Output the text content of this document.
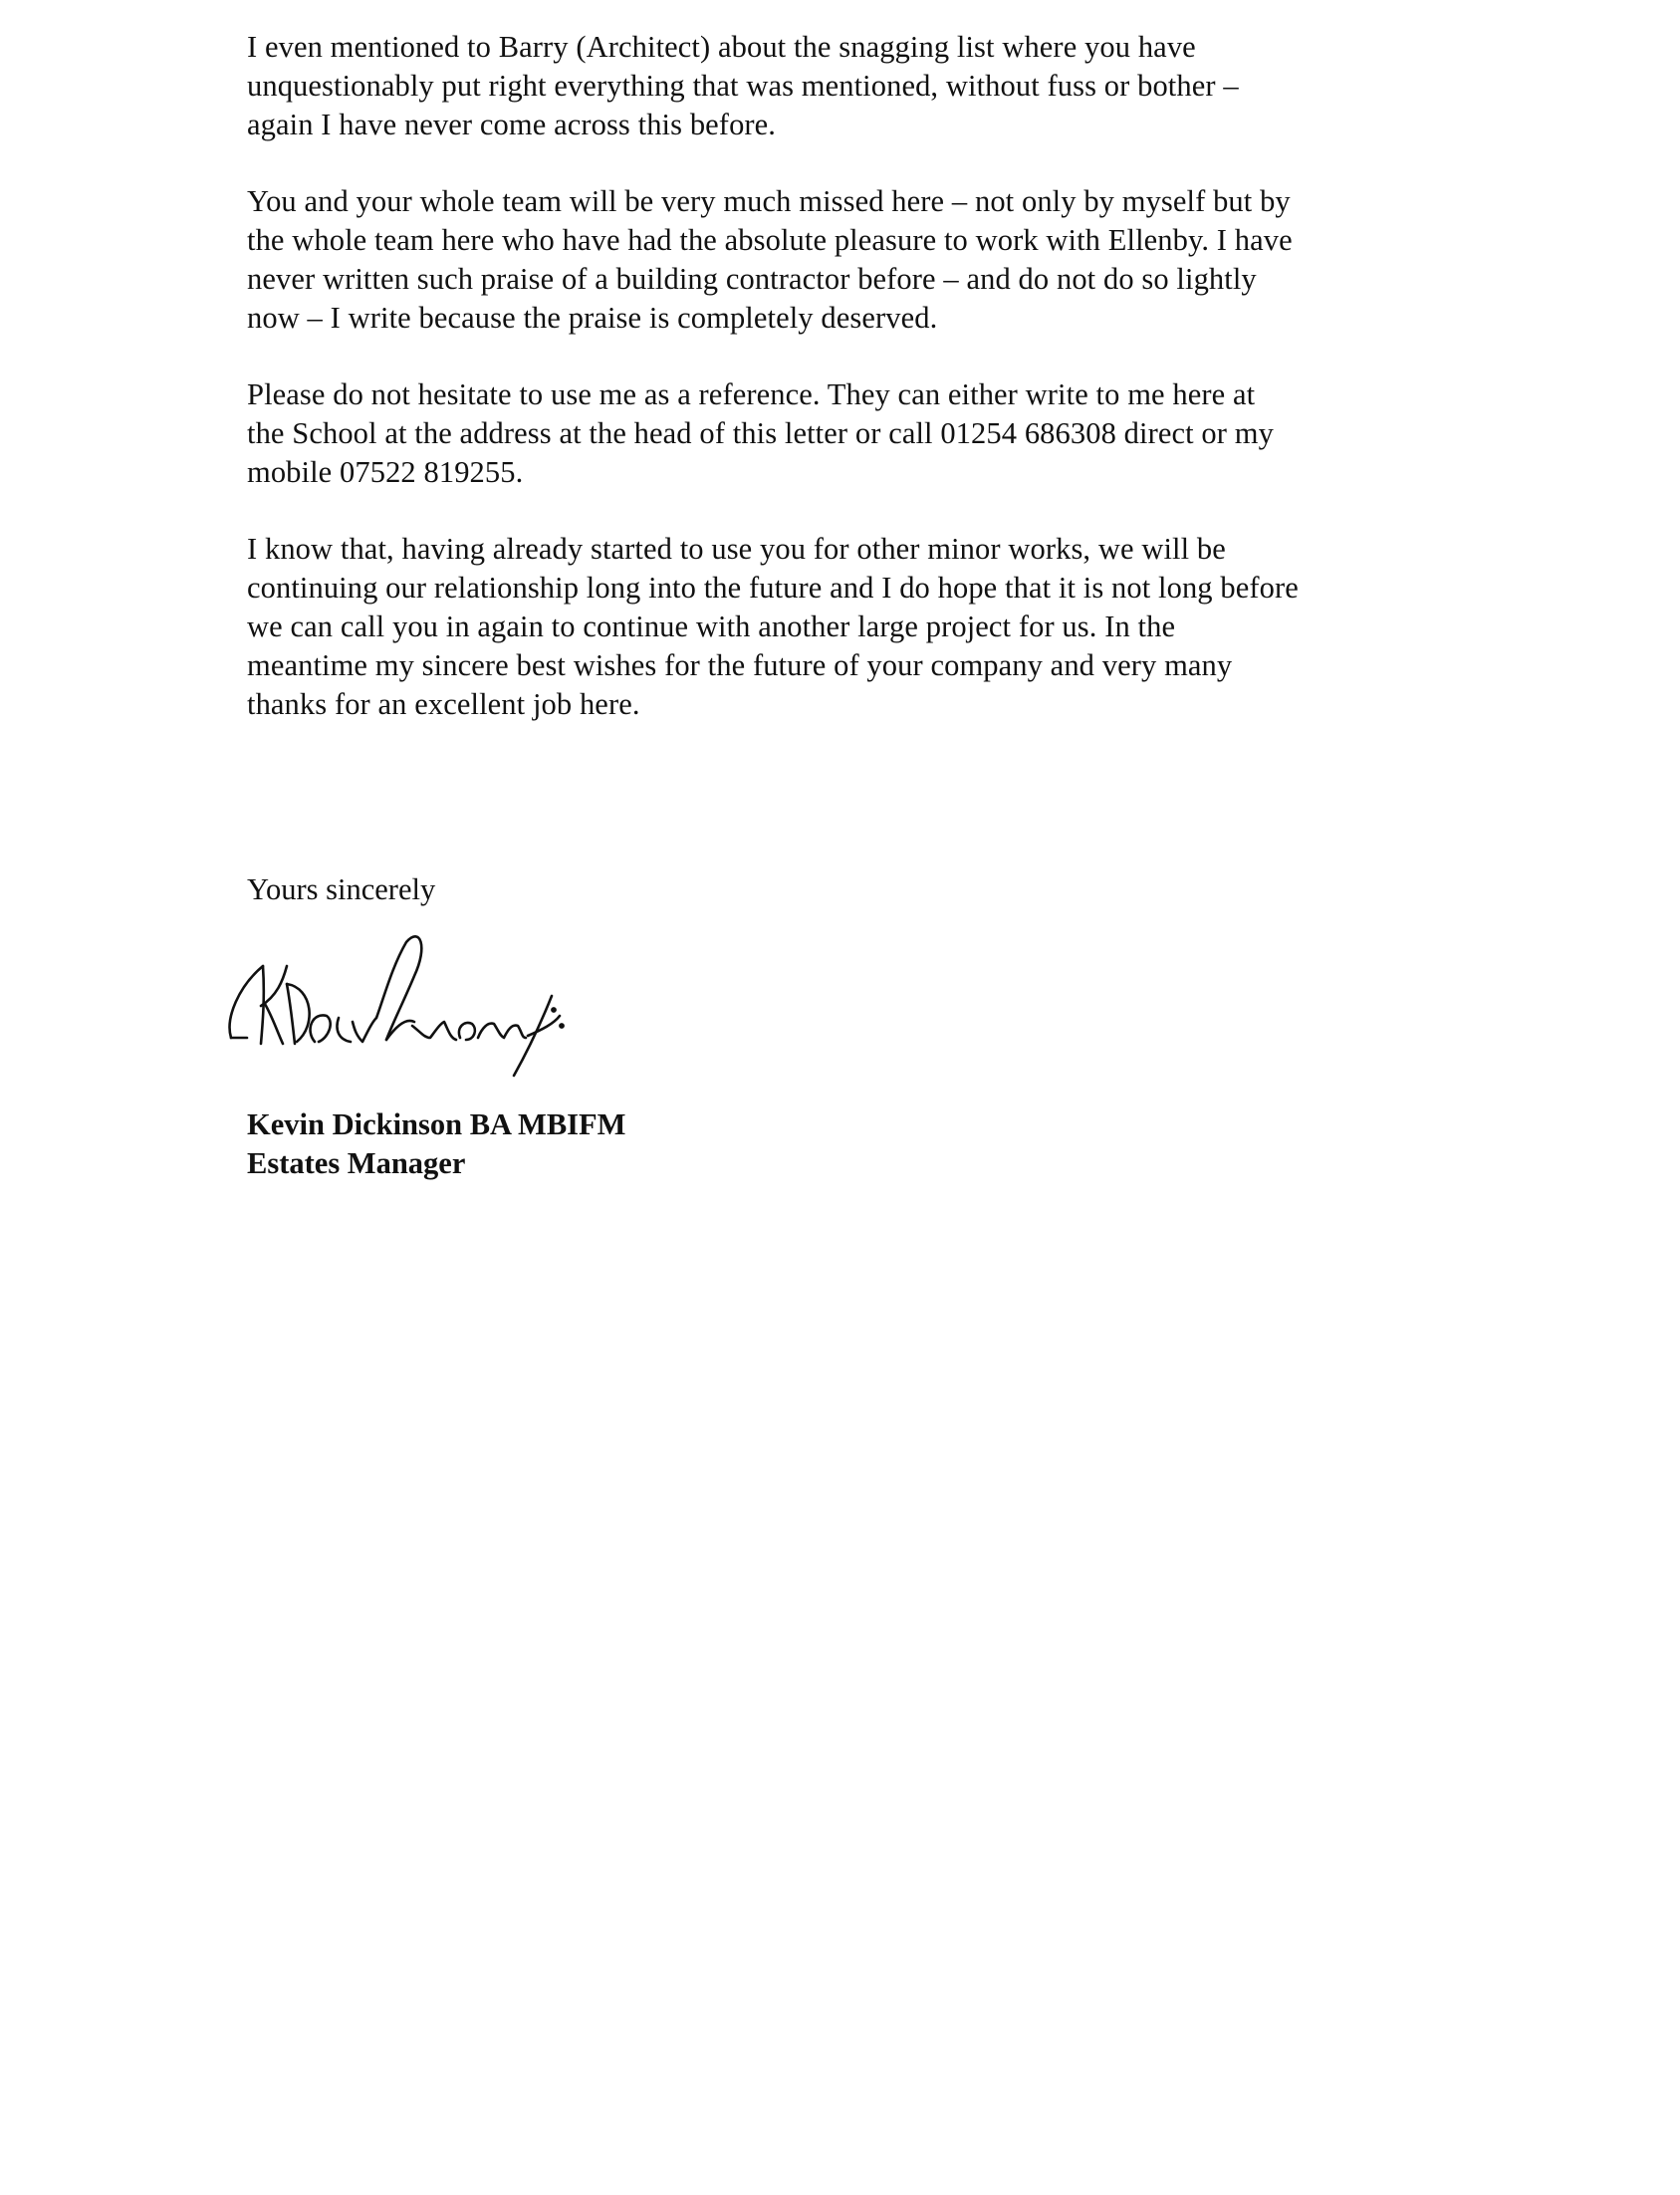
I even mentioned to Barry (Architect) about the snagging list where you have
unquestionably put right everything that was mentioned, without fuss or bother –
again I have never come across this before.

You and your whole team will be very much missed here – not only by myself but by
the whole team here who have had the absolute pleasure to work with Ellenby. I have
never written such praise of a building contractor before – and do not do so lightly
now – I write because the praise is completely deserved.

Please do not hesitate to use me as a reference. They can either write to me here at
the School at the address at the head of this letter or call 01254 686308 direct or my
mobile 07522 819255.

I know that, having already started to use you for other minor works, we will be
continuing our relationship long into the future and I do hope that it is not long before
we can call you in again to continue with another large project for us. In the
meantime my sincere best wishes for the future of your company and very many
thanks for an excellent job here.

Yours sincerely
Kevin Dickinson BA MBIFM
Estates Manager
